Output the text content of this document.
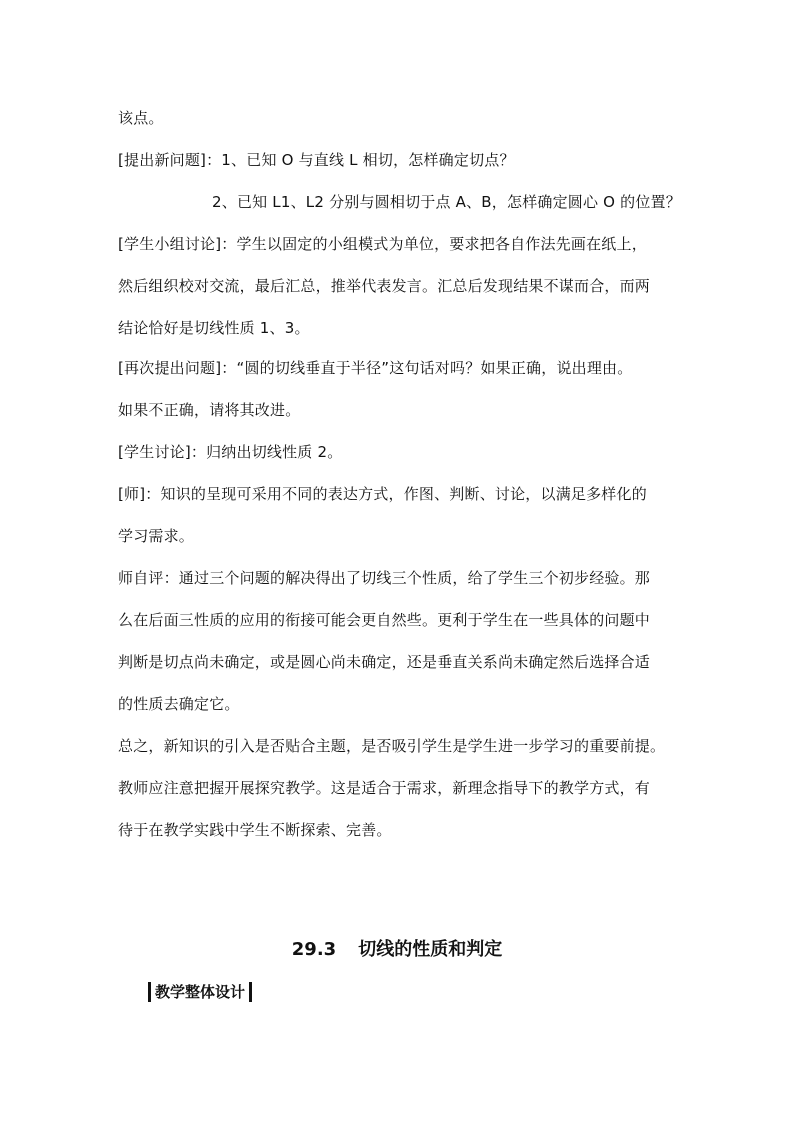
该点。
[提出新问题]：1、已知 O 与直线 L 相切，怎样确定切点？
2、已知 L1、L2 分别与圆相切于点 A、B，怎样确定圆心 O 的位置？
[学生小组讨论]：学生以固定的小组模式为单位，要求把各自作法先画在纸上，
然后组织校对交流，最后汇总，推举代表发言。汇总后发现结果不谋而合，而两
结论恰好是切线性质 1、3。
[再次提出问题]：“圆的切线垂直于半径”这句话对吗？如果正确，说出理由。
如果不正确，请将其改进。
[学生讨论]：归纳出切线性质 2。
[师]：知识的呈现可采用不同的表达方式，作图、判断、讨论，以满足多样化的
学习需求。
师自评：通过三个问题的解决得出了切线三个性质，给了学生三个初步经验。那
么在后面三性质的应用的衔接可能会更自然些。更利于学生在一些具体的问题中
判断是切点尚未确定，或是圆心尚未确定，还是垂直关系尚未确定然后选择合适
的性质去确定它。
总之，新知识的引入是否贴合主题，是否吸引学生是学生进一步学习的重要前提。
教师应注意把握开展探究教学。这是适合于需求，新理念指导下的教学方式，有
待于在教学实践中学生不断探索、完善。
29.3 切线的性质和判定
教学整体设计
